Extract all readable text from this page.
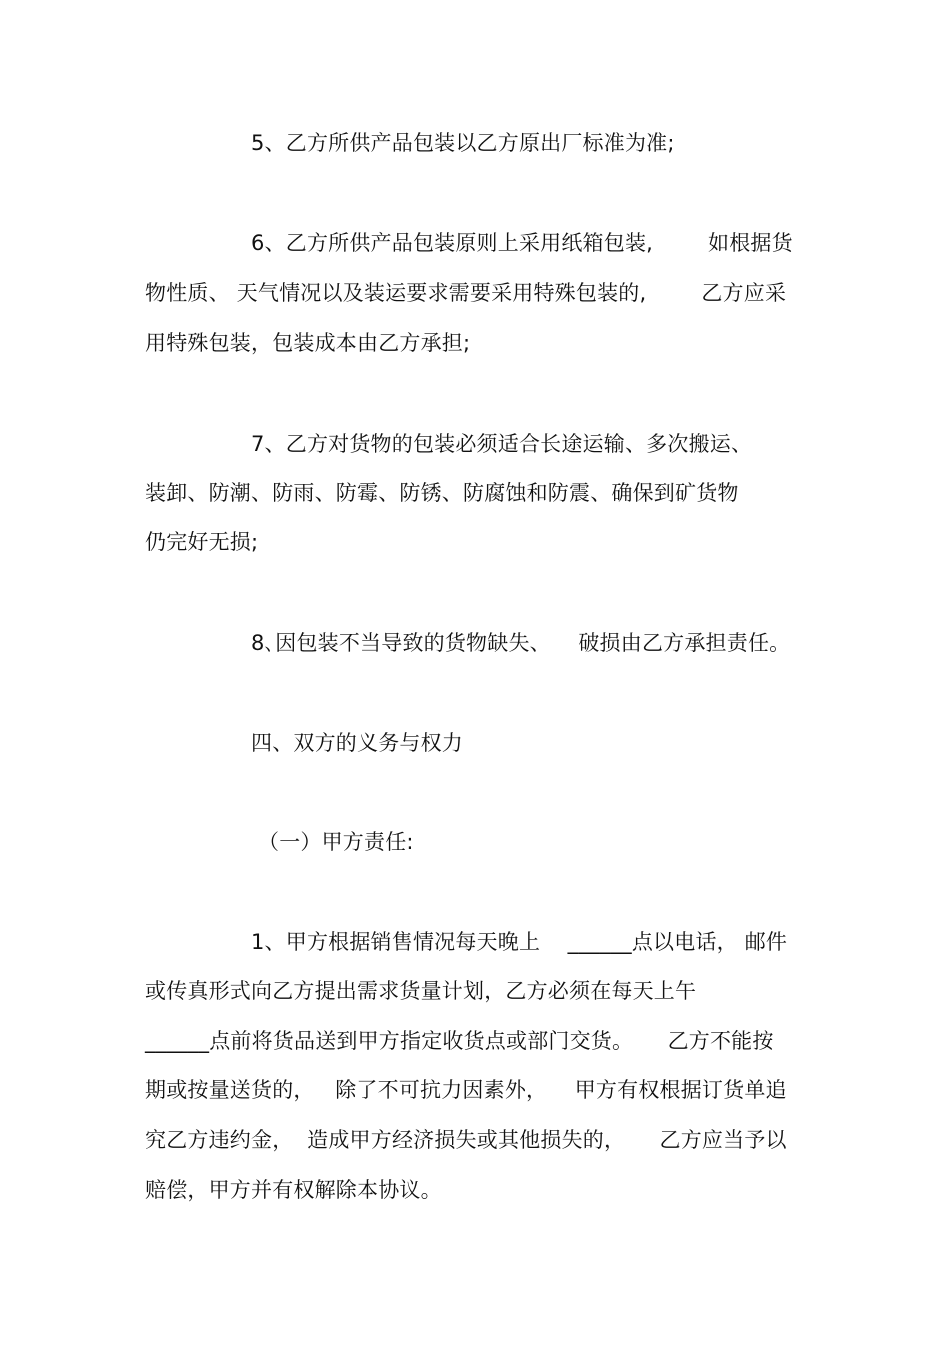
5、乙方所供产品包装以乙方原出厂标准为准;
6、乙方所供产品包装原则上采用纸箱包装,        如根据货
物性质、 天气情况以及装运要求需要采用特殊包装的,        乙方应采
用特殊包装，包装成本由乙方承担;
7、乙方对货物的包装必须适合长途运输、多次搬运、
装卸、防潮、防雨、防霉、防锈、防腐蚀和防震、确保到矿货物
仍完好无损;
8､因包装不当导致的货物缺失、    破损由乙方承担责任。
四、双方的义务与权力
（一）甲方责任:
1、甲方根据销售情况每天晚上    ______点以电话， 邮件
或传真形式向乙方提出需求货量计划，乙方必须在每天上午
______点前将货品送到甲方指定收货点或部门交货。     乙方不能按
期或按量送货的，   除了不可抗力因素外，    甲方有权根据订货单追
究乙方违约金，  造成甲方经济损失或其他损失的，     乙方应当予以
赔偿，甲方并有权解除本协议。
